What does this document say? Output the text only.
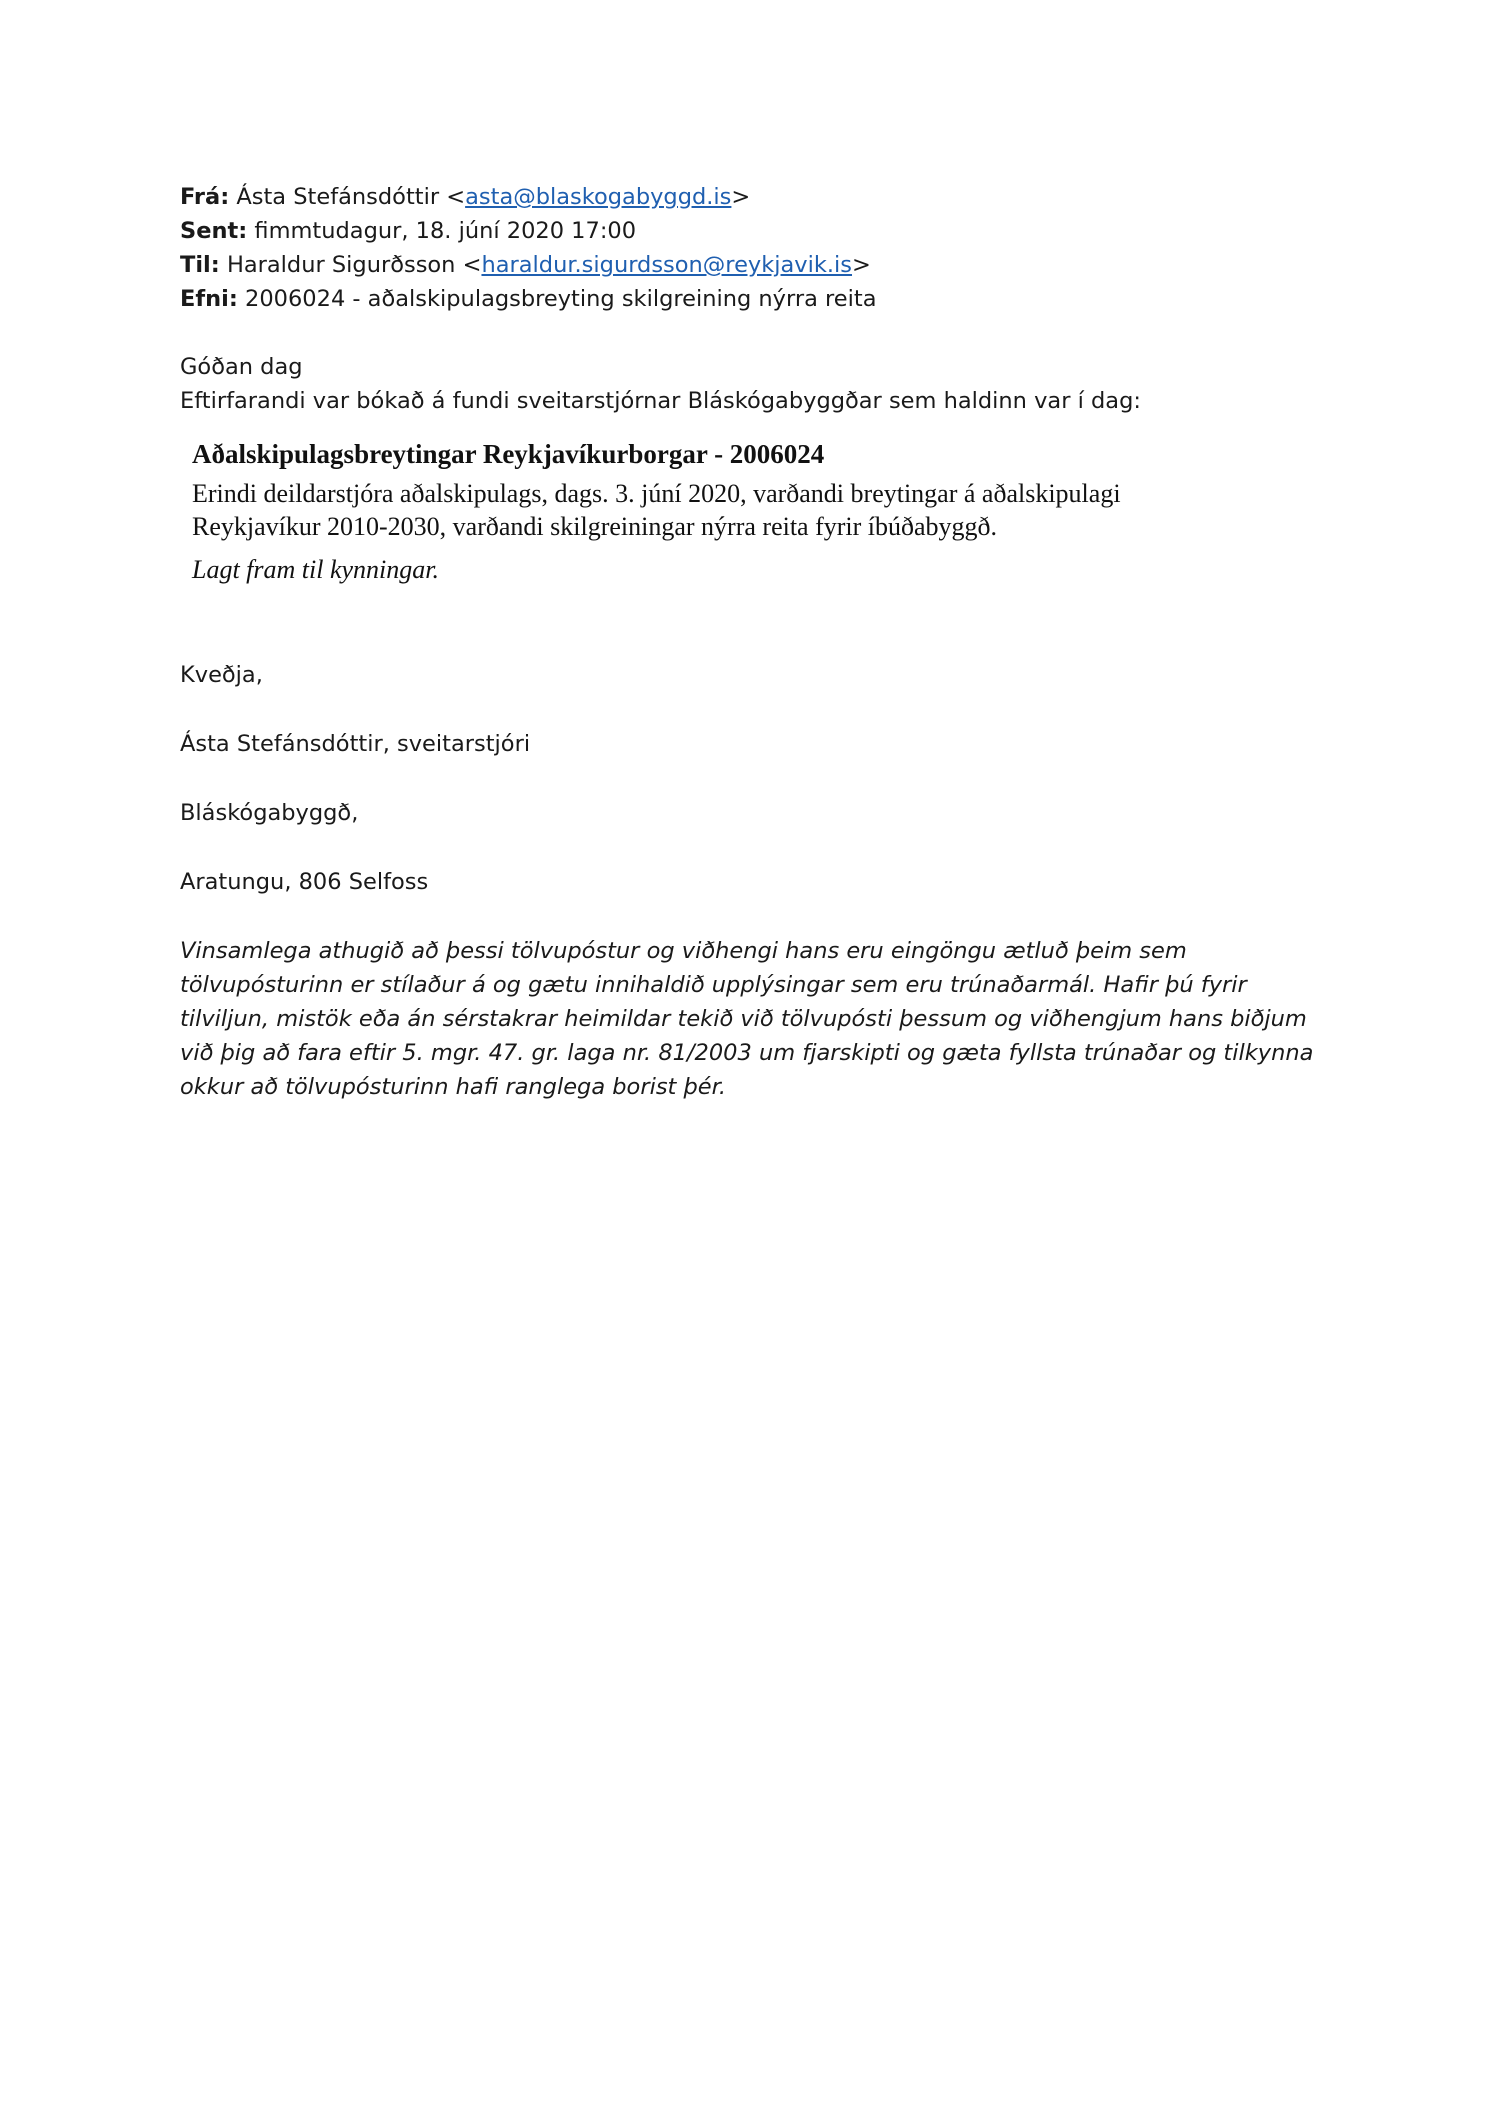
Frá: Ásta Stefánsdóttir <asta@blaskogabyggd.is>
Sent: fimmtudagur, 18. júní 2020 17:00
Til: Haraldur Sigurðsson <haraldur.sigurdsson@reykjavik.is>
Efni: 2006024 - aðalskipulagsbreyting skilgreining nýrra reita
Góðan dag
Eftirfarandi var bókað á fundi sveitarstjórnar Bláskógabyggðar sem haldinn var í dag:
Aðalskipulagsbreytingar Reykjavíkurborgar - 2006024
Erindi deildarstjóra aðalskipulags, dags. 3. júní 2020, varðandi breytingar á aðalskipulagi
Reykjavíkur 2010-2030, varðandi skilgreiningar nýrra reita fyrir íbúðabyggð.
Lagt fram til kynningar.
Kveðja,
Ásta Stefánsdóttir, sveitarstjóri
Bláskógabyggð,
Aratungu, 806 Selfoss
Vinsamlega athugið að þessi tölvupóstur og viðhengi hans eru eingöngu ætluð þeim sem
tölvupósturinn er stílaður á og gætu innihaldið upplýsingar sem eru trúnaðarmál. Hafir þú fyrir
tilviljun, mistök eða án sérstakrar heimildar tekið við tölvupósti þessum og viðhengjum hans biðjum
við þig að fara eftir 5. mgr. 47. gr. laga nr. 81/2003 um fjarskipti og gæta fyllsta trúnaðar og tilkynna
okkur að tölvupósturinn hafi ranglega borist þér.
